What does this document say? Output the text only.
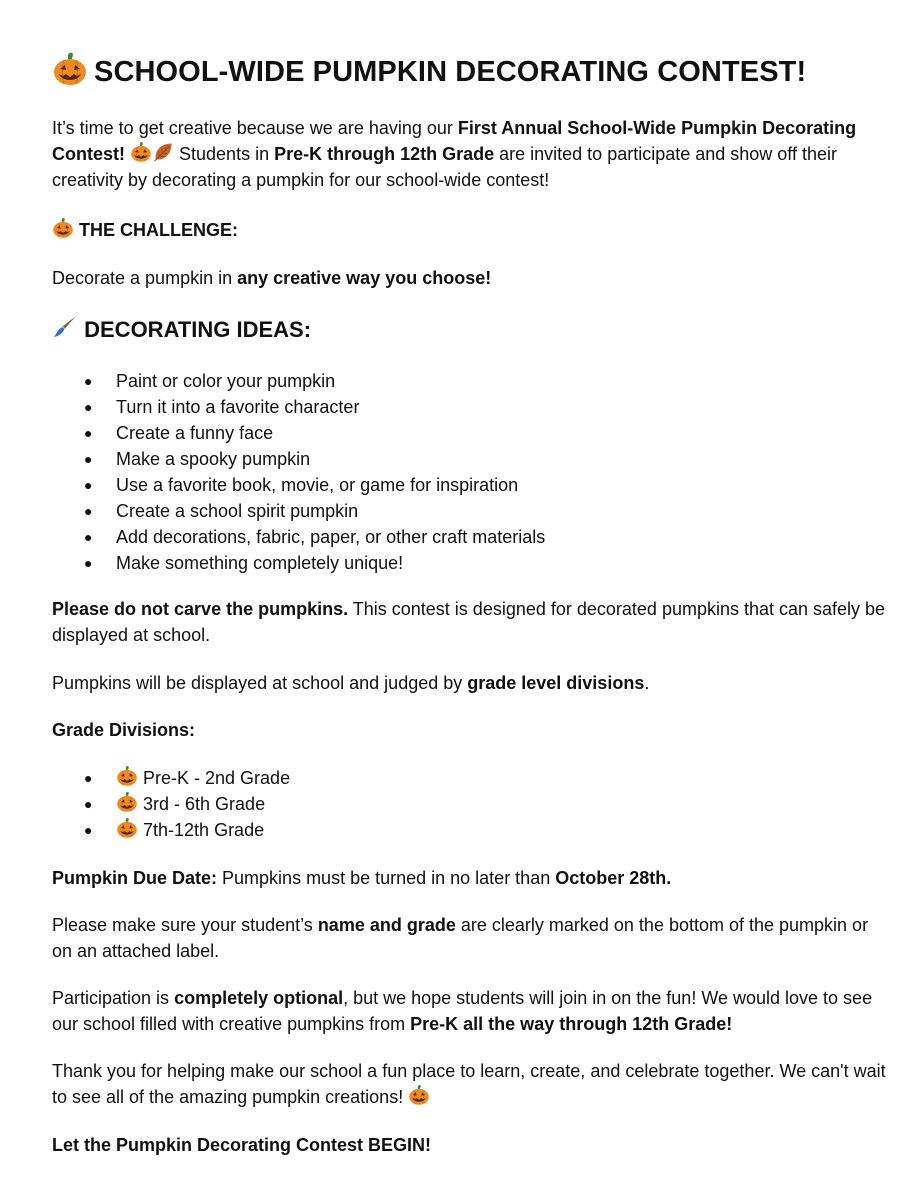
SCHOOL-WIDE PUMPKIN DECORATING CONTEST!

It’s time to get creative because we are having our First Annual School-Wide Pumpkin Decorating Contest!	Students in Pre-K through 12th Grade are invited to participate and show off their creativity by decorating a pumpkin for our school-wide contest!

THE CHALLENGE:

Decorate a pumpkin in any creative way you choose!

DECORATING IDEAS:
● Paint or color your pumpkin
● Turn it into a favorite character
● Create a funny face
● Make a spooky pumpkin
● Use a favorite book, movie, or game for inspiration
● Create a school spirit pumpkin
● Add decorations, fabric, paper, or other craft materials
● Make something completely unique!

Please do not carve the pumpkins. This contest is designed for decorated pumpkins that can safely be displayed at school.

Pumpkins will be displayed at school and judged by grade level divisions.

Grade Divisions:
● Pre-K - 2nd Grade
● 3rd - 6th Grade
● 7th-12th Grade

Pumpkin Due Date: Pumpkins must be turned in no later than October 28th.

Please make sure your student’s name and grade are clearly marked on the bottom of the pumpkin or on an attached label.

Participation is completely optional, but we hope students will join in on the fun! We would love to see our school filled with creative pumpkins from Pre-K all the way through 12th Grade!

Thank you for helping make our school a fun place to learn, create, and celebrate together. We can't wait to see all of the amazing pumpkin creations!

Let the Pumpkin Decorating Contest BEGIN!
